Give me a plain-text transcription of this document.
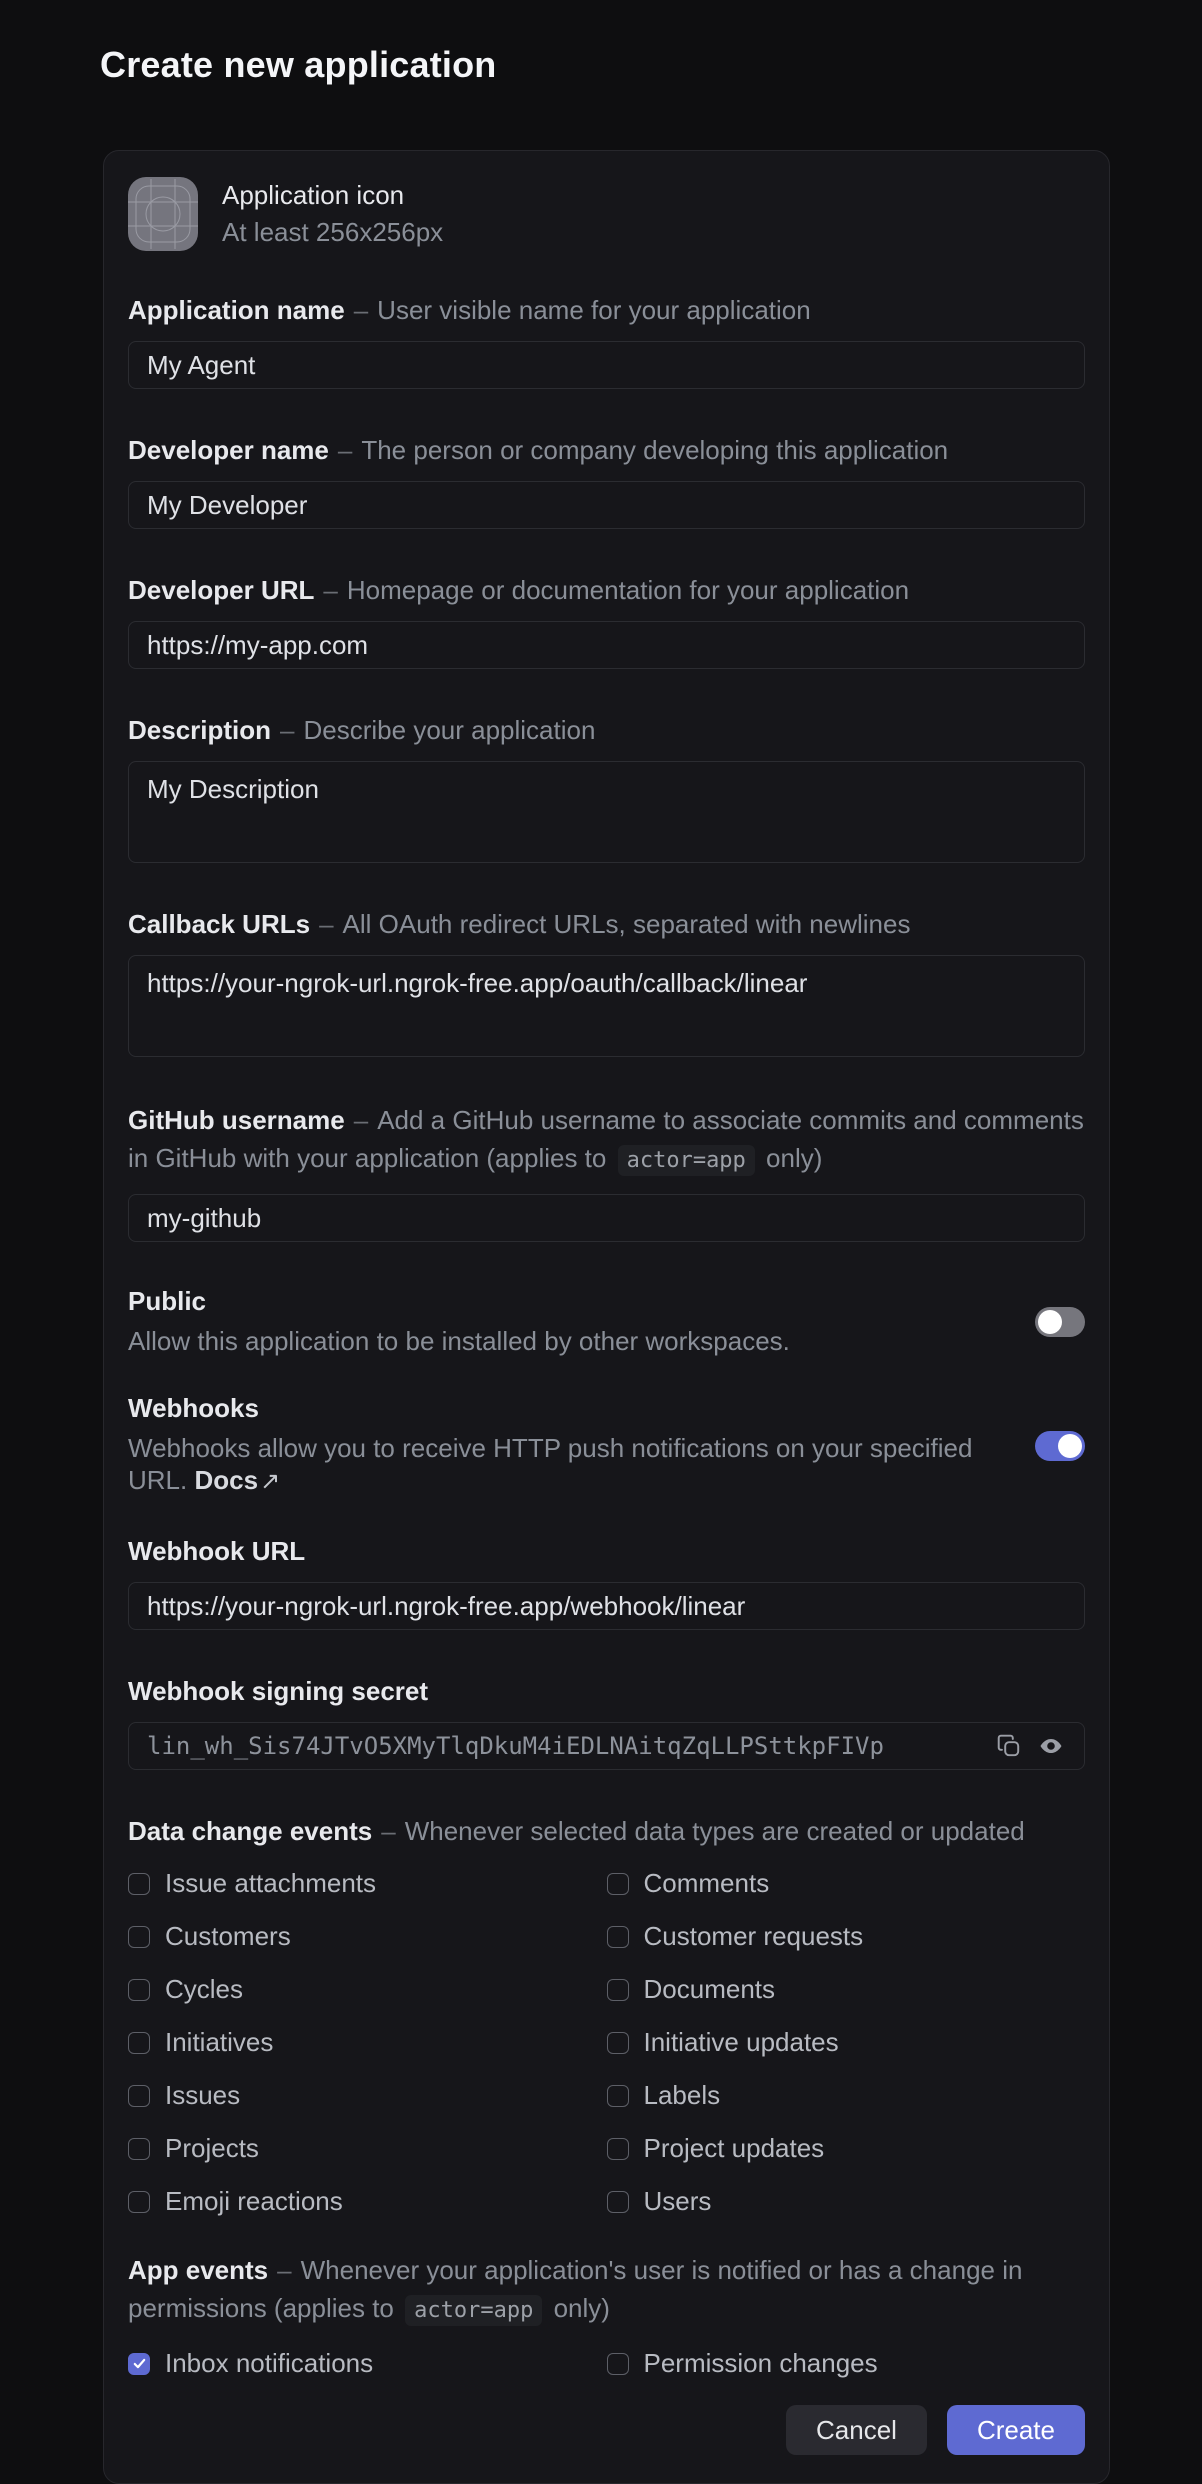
Create new application
Application icon
At least 256x256px
Application name – User visible name for your application
My Agent
Developer name – The person or company developing this application
My Developer
Developer URL – Homepage or documentation for your application
https://my-app.com
Description – Describe your application
My Description
Callback URLs – All OAuth redirect URLs, separated with newlines
https://your-ngrok-url.ngrok-free.app/oauth/callback/linear
GitHub username – Add a GitHub username to associate commits and comments in GitHub with your application (applies to actor=app only)
my-github
Public
Allow this application to be installed by other workspaces.
Webhooks
Webhooks allow you to receive HTTP push notifications on your specified URL. Docs↗
Webhook URL
https://your-ngrok-url.ngrok-free.app/webhook/linear
Webhook signing secret
lin_wh_Sis74JTvO5XMyTlqDkuM4iEDLNAitqZqLLPSttkpFIVp
Data change events – Whenever selected data types are created or updated
Issue attachments	Comments
Customers	Customer requests
Cycles	Documents
Initiatives	Initiative updates
Issues	Labels
Projects	Project updates
Emoji reactions	Users
App events – Whenever your application's user is notified or has a change in permissions (applies to actor=app only)
Inbox notifications	Permission changes
Cancel	Create
